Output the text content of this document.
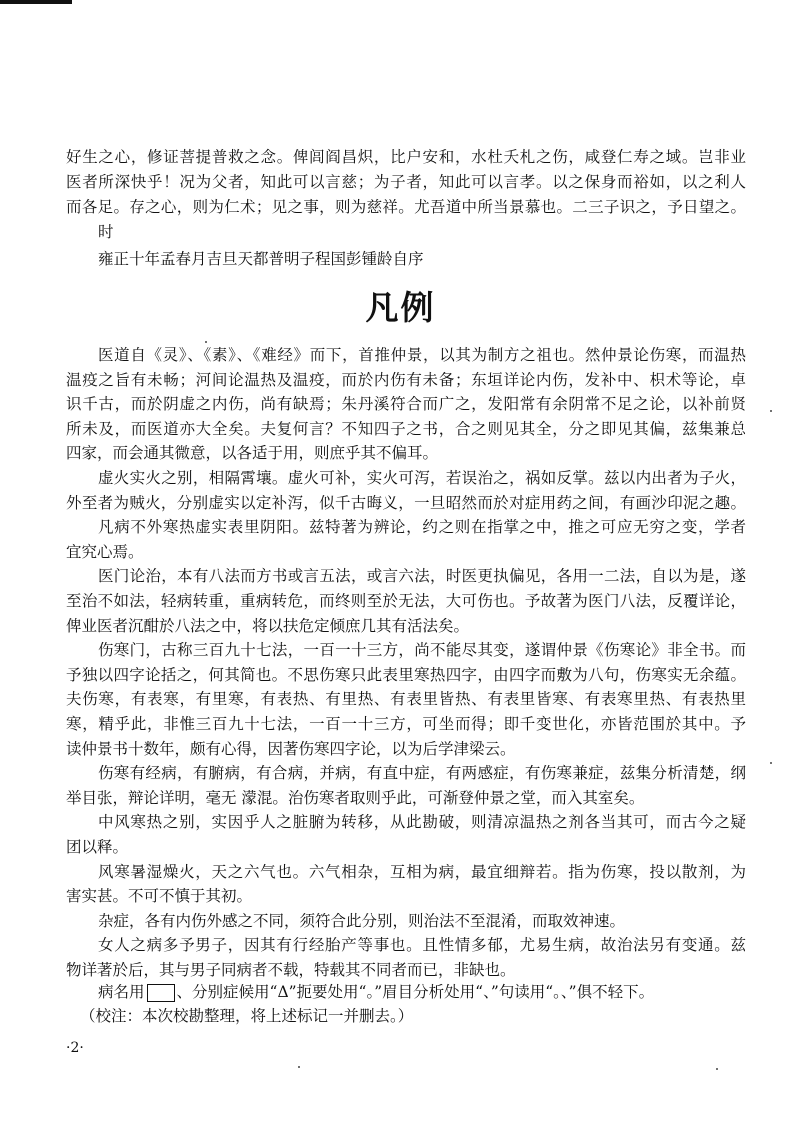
好生之心，修证菩提普救之念。俾闾阎昌炽，比户安和，水杜夭札之伤，咸登仁寿之域。岂非业
医者所深快乎！况为父者，知此可以言慈；为子者，知此可以言孝。以之保身而裕如，以之利人
而各足。存之心，则为仁术；见之事，则为慈祥。尤吾道中所当景慕也。二三子识之，予日望之。
时
雍正十年孟春月吉旦天都普明子程国彭锺龄自序
凡例
医道自《灵》、《素》、《难经》而下，首推仲景，以其为制方之祖也。然仲景论伤寒，而温热
温疫之旨有未畅；河间论温热及温疫，而於内伤有未备；东垣详论内伤，发补中、枳术等论，卓
识千古，而於阴虚之内伤，尚有缺焉；朱丹溪符合而广之，发阳常有余阴常不足之论，以补前贤
所未及，而医道亦大全矣。夫复何言？不知四子之书，合之则见其全，分之即见其偏，兹集兼总
四家，而会通其微意，以各适于用，则庶乎其不偏耳。
虚火实火之别，相隔霄壤。虚火可补，实火可泻，若误治之，祸如反掌。兹以内出者为子火，
外至者为贼火，分别虚实以定补泻，似千古晦义，一旦昭然而於对症用药之间，有画沙印泥之趣。
凡病不外寒热虚实表里阴阳。兹特著为辨论，约之则在指掌之中，推之可应无穷之变，学者
宜究心焉。
医门论治，本有八法而方书或言五法，或言六法，时医更执偏见，各用一二法，自以为是，遂
至治不如法，轻病转重，重病转危，而终则至於无法，大可伤也。予故著为医门八法，反覆详论，
俾业医者沉酣於八法之中，将以扶危定倾庶几其有活法矣。
伤寒门，古称三百九十七法，一百一十三方，尚不能尽其变，遂谓仲景《伤寒论》非全书。而
予独以四字论括之，何其简也。不思伤寒只此表里寒热四字，由四字而敷为八句，伤寒实无余蕴。
夫伤寒，有表寒，有里寒，有表热、有里热、有表里皆热、有表里皆寒、有表寒里热、有表热里
寒，精乎此，非惟三百九十七法，一百一十三方，可坐而得；即千变世化，亦皆范围於其中。予
读仲景书十数年，颇有心得，因著伤寒四字论，以为后学津梁云。
伤寒有经病，有腑病，有合病，并病，有直中症，有两感症，有伤寒兼症，兹集分析清楚，纲
举目张，辩论详明，毫无 濛混。治伤寒者取则乎此，可渐登仲景之堂，而入其室矣。
中风寒热之别，实因乎人之脏腑为转移，从此勘破，则清凉温热之剂各当其可，而古今之疑
团以释。
风寒暑湿燥火，天之六气也。六气相杂，互相为病，最宜细辩若。指为伤寒，投以散剂，为
害实甚。不可不慎于其初。
杂症，各有内伤外感之不同，须符合此分别，则治法不至混淆，而取效神速。
女人之病多予男子，因其有行经胎产等事也。且性情多郁，尤易生病，故治法另有变通。兹
物详著於后，其与男子同病者不载，特载其不同者而已，非缺也。
病名用 、分别症候用“Δ”扼要处用“。”眉目分析处用“、”句读用“。、”俱不轻下。
（校注：本次校勘整理，将上述标记一并删去。）
·2·
